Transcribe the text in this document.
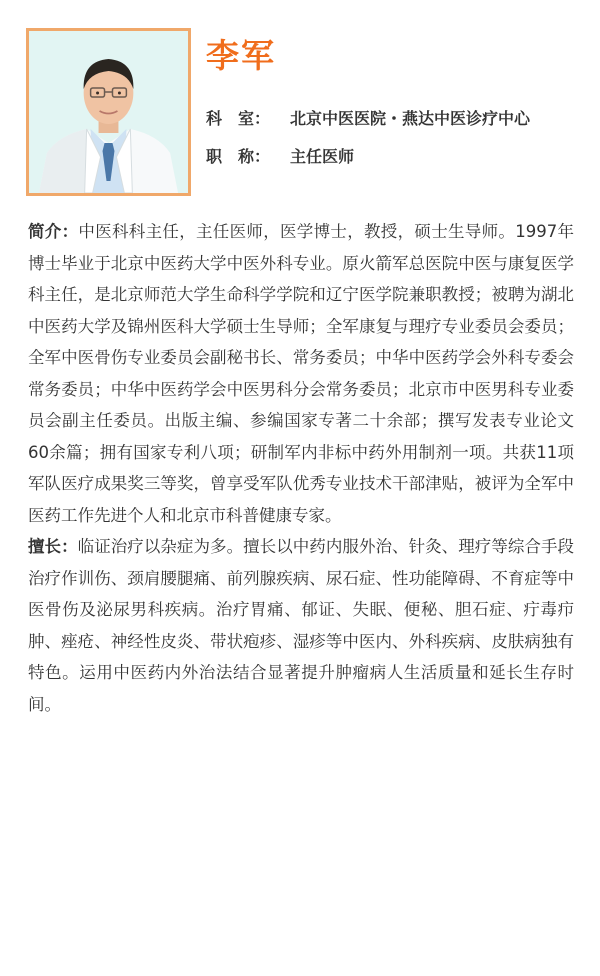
李军
科　室： 北京中医医院・燕达中医诊疗中心
职　称： 主任医师

简介：中医科科主任，主任医师，医学博士，教授，硕士生导师。1997年博士毕业于北京中医药大学中医外科专业。原火箭军总医院中医与康复医学科主任，是北京师范大学生命科学学院和辽宁医学院兼职教授；被聘为湖北中医药大学及锦州医科大学硕士生导师；全军康复与理疗专业委员会委员；全军中医骨伤专业委员会副秘书长、常务委员；中华中医药学会外科专委会常务委员；中华中医药学会中医男科分会常务委员；北京市中医男科专业委员会副主任委员。出版主编、参编国家专著二十余部；撰写发表专业论文60余篇；拥有国家专利八项；研制军内非标中药外用制剂一项。共获11项军队医疗成果奖三等奖，曾享受军队优秀专业技术干部津贴，被评为全军中医药工作先进个人和北京市科普健康专家。

擅长：临证治疗以杂症为多。擅长以中药内服外治、针灸、理疗等综合手段治疗作训伤、颈肩腰腿痛、前列腺疾病、尿石症、性功能障碍、不育症等中医骨伤及泌尿男科疾病。治疗胃痛、郁证、失眠、便秘、胆石症、疔毒疖肿、痤疮、神经性皮炎、带状疱疹、湿疹等中医内、外科疾病、皮肤病独有特色。运用中医药内外治法结合显著提升肿瘤病人生活质量和延长生存时间。
